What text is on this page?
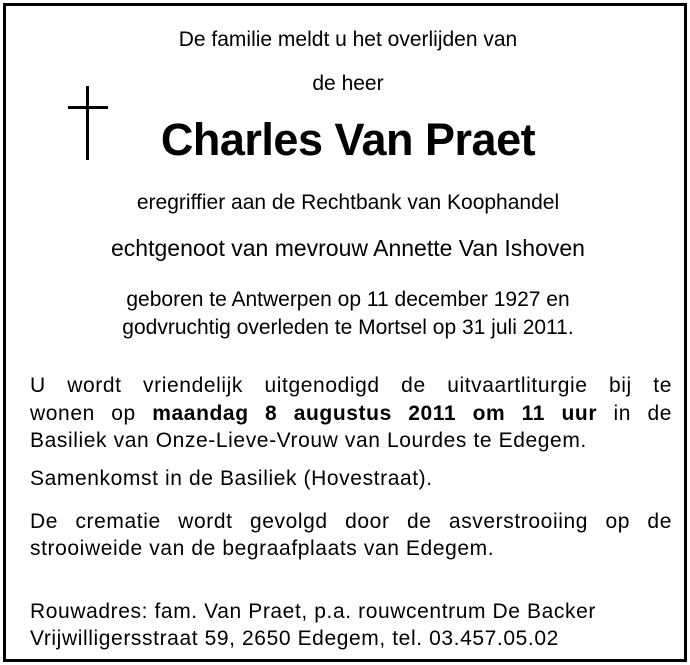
De familie meldt u het overlijden van
de heer
Charles Van Praet
eregriffier aan de Rechtbank van Koophandel
echtgenoot van mevrouw Annette Van Ishoven
geboren te Antwerpen op 11 december 1927 en
godvruchtig overleden te Mortsel op 31 juli 2011.
U wordt vriendelijk uitgenodigd de uitvaartliturgie bij te
wonen op maandag 8 augustus 2011 om 11 uur in de
Basiliek van Onze-Lieve-Vrouw van Lourdes te Edegem.
Samenkomst in de Basiliek (Hovestraat).
De crematie wordt gevolgd door de asverstrooiing op de
strooiweide van de begraafplaats van Edegem.
Rouwadres: fam. Van Praet, p.a. rouwcentrum De Backer
Vrijwilligersstraat 59, 2650 Edegem, tel. 03.457.05.02
